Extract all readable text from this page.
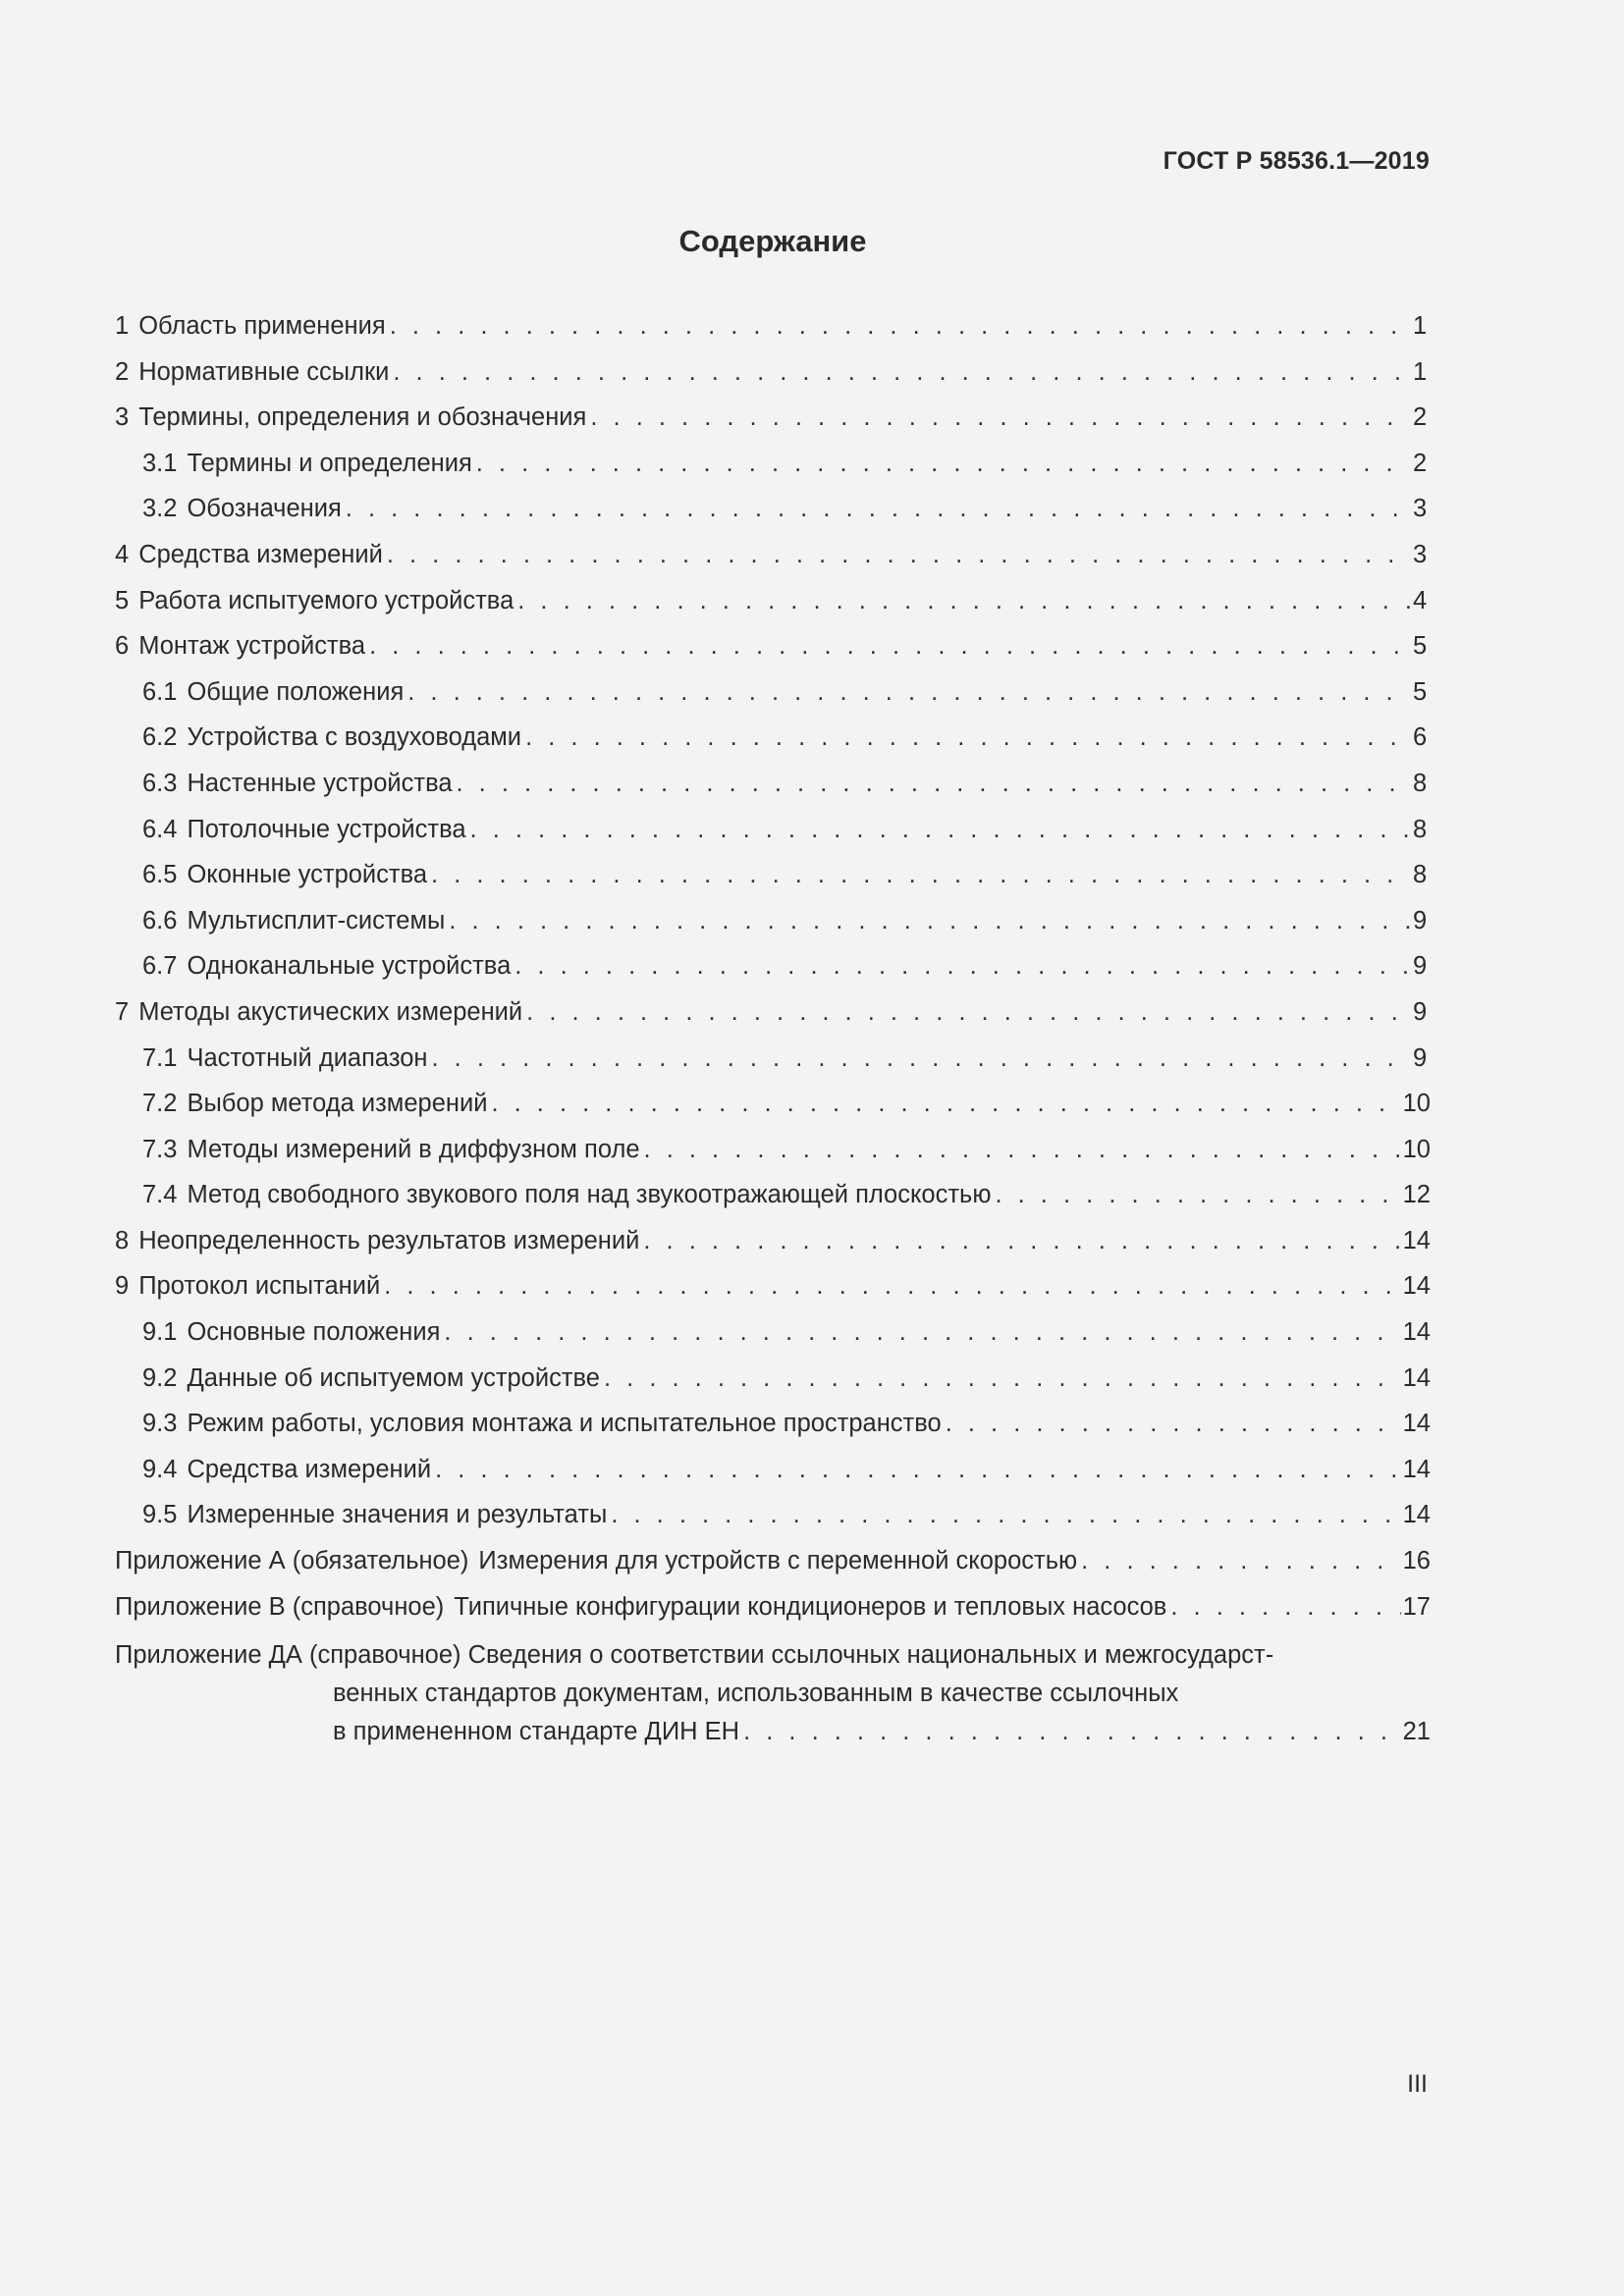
ГОСТ Р 58536.1—2019
Содержание
1 Область применения . . .	1
2 Нормативные ссылки . . .	1
3 Термины, определения и обозначения . . .	2
3.1 Термины и определения . . .	2
3.2 Обозначения . . .	3
4 Средства измерений . . .	3
5 Работа испытуемого устройства . . .	4
6 Монтаж устройства . . .	5
6.1 Общие положения . . .	5
6.2 Устройства с воздуховодами . . .	6
6.3 Настенные устройства . . .	8
6.4 Потолочные устройства . . .	8
6.5 Оконные устройства . . .	8
6.6 Мультисплит-системы . . .	9
6.7 Одноканальные устройства . . .	9
7 Методы акустических измерений . . .	9
7.1 Частотный диапазон . . .	9
7.2 Выбор метода измерений . . .	10
7.3 Методы измерений в диффузном поле . . .	10
7.4 Метод свободного звукового поля над звукоотражающей плоскостью . . .	12
8 Неопределенность результатов измерений . . .	14
9 Протокол испытаний . . .	14
9.1 Основные положения . . .	14
9.2 Данные об испытуемом устройстве . . .	14
9.3 Режим работы, условия монтажа и испытательное пространство . . .	14
9.4 Средства измерений . . .	14
9.5 Измеренные значения и результаты . . .	14
Приложение А (обязательное) Измерения для устройств с переменной скоростью . . .	16
Приложение В (справочное) Типичные конфигурации кондиционеров и тепловых насосов . . .	17
Приложение ДА (справочное) Сведения о соответствии ссылочных национальных и межгосударст-
венных стандартов документам, использованным в качестве ссылочных
в примененном стандарте ДИН ЕН . . .	21
III
